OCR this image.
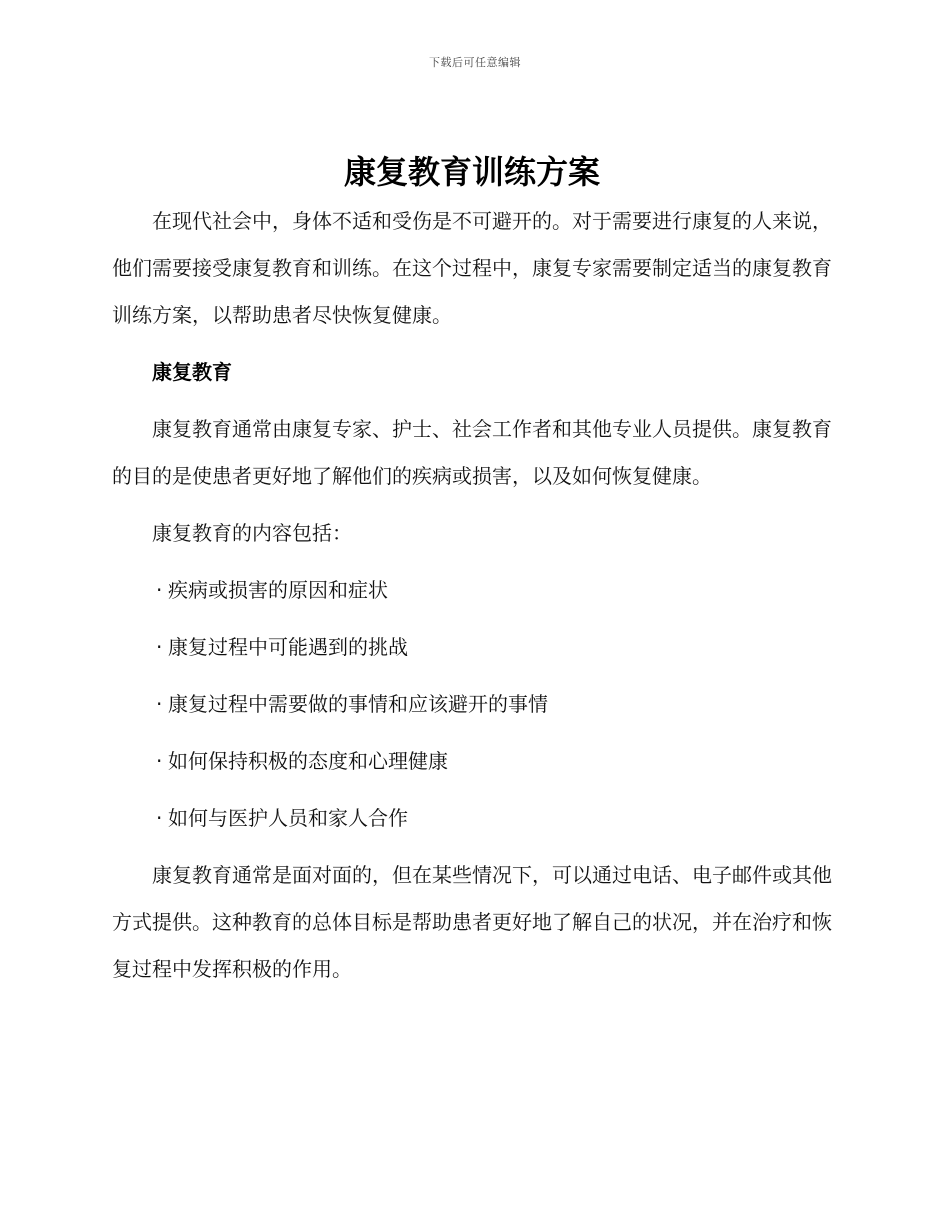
下载后可任意编辑
康复教育训练方案

在现代社会中，身体不适和受伤是不可避开的。对于需要进行康复的人来说，他们需要接受康复教育和训练。在这个过程中，康复专家需要制定适当的康复教育训练方案，以帮助患者尽快恢复健康。

康复教育

康复教育通常由康复专家、护士、社会工作者和其他专业人员提供。康复教育的目的是使患者更好地了解他们的疾病或损害，以及如何恢复健康。

康复教育的内容包括：

· 疾病或损害的原因和症状
· 康复过程中可能遇到的挑战
· 康复过程中需要做的事情和应该避开的事情
· 如何保持积极的态度和心理健康
· 如何与医护人员和家人合作

康复教育通常是面对面的，但在某些情况下，可以通过电话、电子邮件或其他方式提供。这种教育的总体目标是帮助患者更好地了解自己的状况，并在治疗和恢复过程中发挥积极的作用。
